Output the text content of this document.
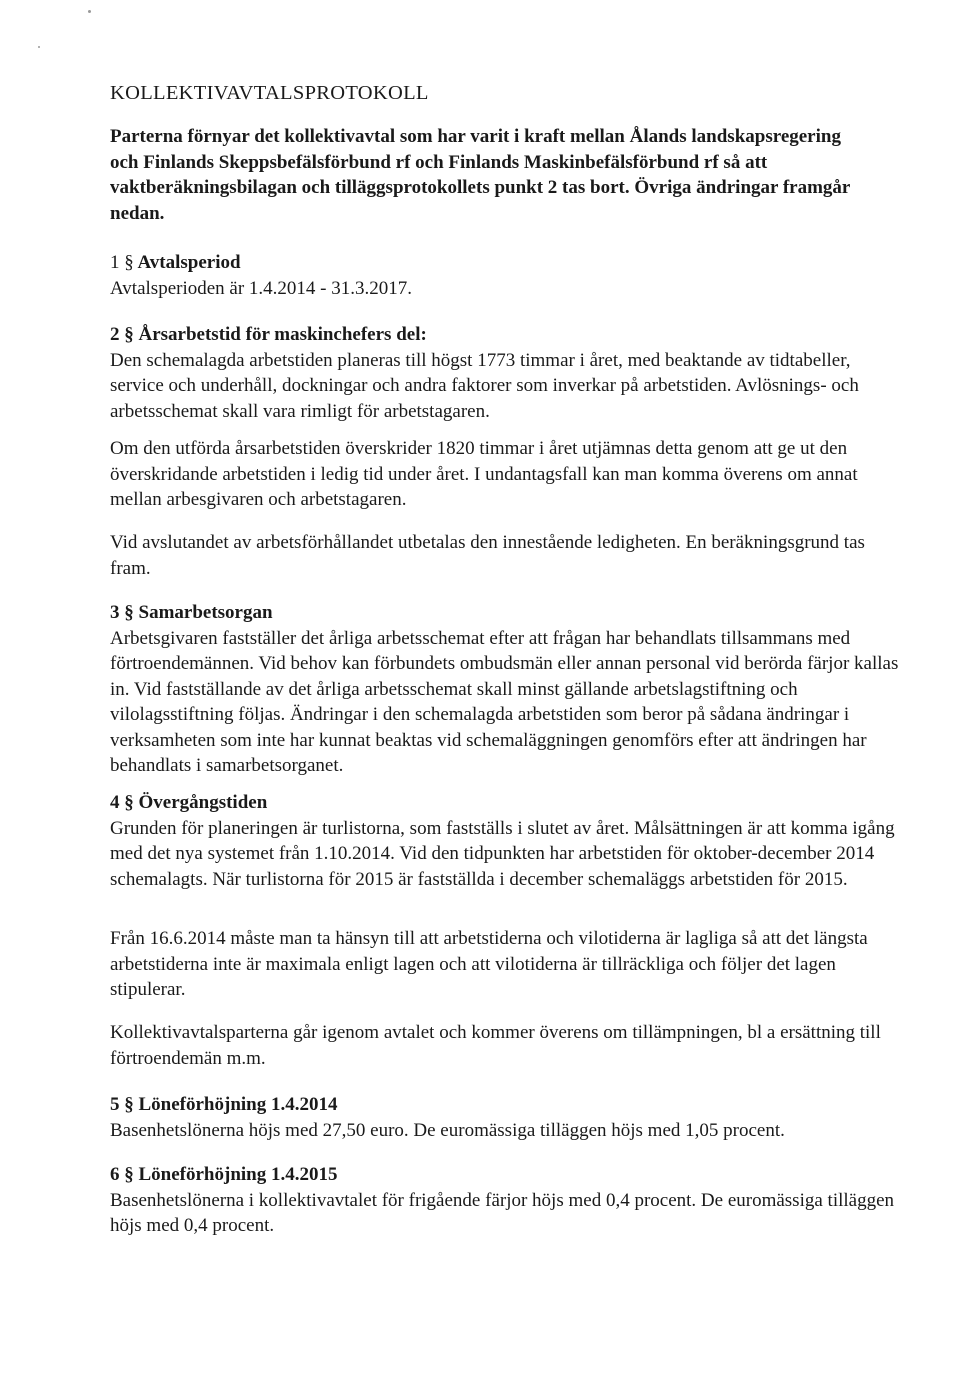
KOLLEKTIVAVTALSPROTOKOLL

Parterna förnyar det kollektivavtal som har varit i kraft mellan Ålands landskapsregering och Finlands Skeppsbefälsförbund rf och Finlands Maskinbefälsförbund rf så att vaktberäkningsbilagan och tilläggsprotokollets punkt 2 tas bort. Övriga ändringar framgår nedan.

1 § Avtalsperiod

Avtalsperioden är 1.4.2014 - 31.3.2017.

2 § Årsarbetstid för maskinchefers del:

Den schemalagda arbetstiden planeras till högst 1773 timmar i året, med beaktande av tidtabeller, service och underhåll, dockningar och andra faktorer som inverkar på arbetstiden. Avlösnings- och arbetsschemat skall vara rimligt för arbetstagaren.

Om den utförda årsarbetstiden överskrider 1820 timmar i året utjämnas detta genom att ge ut den överskridande arbetstiden i ledig tid under året. I undantagsfall kan man komma överens om annat mellan arbesgivaren och arbetstagaren.

Vid avslutandet av arbetsförhållandet utbetalas den innestående ledigheten. En beräkningsgrund tas fram.

3 § Samarbetsorgan

Arbetsgivaren fastställer det årliga arbetsschemat efter att frågan har behandlats tillsammans med förtroendemännen. Vid behov kan förbundets ombudsmän eller annan personal vid berörda färjor kallas in. Vid fastställande av det årliga arbetsschemat skall minst gällande arbetslagstiftning och vilolagsstiftning följas. Ändringar i den schemalagda arbetstiden som beror på sådana ändringar i verksamheten som inte har kunnat beaktas vid schemaläggningen genomförs efter att ändringen har behandlats i samarbetsorganet.

4 § Övergångstiden

Grunden för planeringen är turlistorna, som fastställs i slutet av året. Målsättningen är att komma igång med det nya systemet från 1.10.2014. Vid den tidpunkten har arbetstiden för oktober-december 2014 schemalagts. När turlistorna för 2015 är fastställda i december schemaläggs arbetstiden för 2015.

Från 16.6.2014 måste man ta hänsyn till att arbetstiderna och vilotiderna är lagliga så att det längsta arbetstiderna inte är maximala enligt lagen och att vilotiderna är tillräckliga och följer det lagen stipulerar.

Kollektivavtalsparterna går igenom avtalet och kommer överens om tillämpningen, bl a ersättning till förtroendemän m.m.

5 § Löneförhöjning 1.4.2014

Basenhetslönerna höjs med 27,50 euro. De euromässiga tilläggen höjs med 1,05 procent.

6 § Löneförhöjning 1.4.2015

Basenhetslönerna i kollektivavtalet för frigående färjor höjs med 0,4 procent. De euromässiga tilläggen höjs med 0,4 procent.
